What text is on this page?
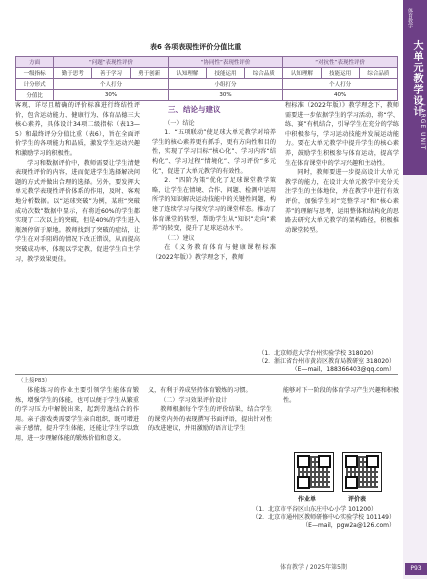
体育教学
大单元教学设计
LARGE UNIT
表6 各项表现性评价分值比重
方面	“问题”表现性评价			“协同性”表现性评价			“对抗性”表现性评价		
一级指标	勤于思考	善于学习	勇于创新	认知理解	技能运用	综合品质	认知理解	技能运用	综合品质
计分形式	个人打分			小组打分			个人打分		
分值比	30%			30%			40%		

客观、详尽且精确的评价标准进行终结性评价，包含运动能力、健康行为、体育品德三大核心素养，具体设计34项二级指标（表13—5）和最终评分分值比重（表6），旨在全面评价学生的各项能力和品质，激发学生运动兴趣和激励学习的积极性。

学习和数据评价中，教师需要让学生清楚表现性评价的内容，进而促进学生选择解决问题的方式并做出合理的选择。另外，要发挥大单元教学表现性评价体系的作用，及时、客观地分析数据。以“运球突破”为例，某班“突破成功次数”数据中显示，有将近60%的学生都实现了二次以上的突破，但是40%的学生进入瓶颈停留于原地。教师找到了突破的症结，让学生在对手阻碍的情况下改正错误，从而提高突破成功率，体现以学定教，促进学生自主学习，教学效果更佳。

三、结论与建议

（一）结论

1．“五项联动”使足球大单元教学对培养学生的核心素养更有抓手，更有方向性和目的性，实现了学习目标“核心化”、学习内容“结构化”、学习过程“情境化”、学习评价“多元化”，促进了大单元教学的有效性。

2．“四阶为策”优化了足球课堂教学策略，让学生在情境、合作、问题、检测中运用所学的知识解决运动技能中的关键性问题，构建了连续学习与探究学习的课堂样态。推动了体育课堂的转型，帮助学生从“知识”走向“素养”的转变，提升了足球运动水平。

（二）建议

在《义务教育体育与健康课程标准（2022年版）》教学理念下，教师

程标准（2022年版）》教学理念下，教师需要进一步依据学生的学习活动，将“学、练、赛”有机结合，引导学生在充分的学练中积极参与，学习运动技能并发展运动能力。要在大单元教学中提升学生的核心素养，鼓励学生积极参与体育运动，提高学生在体育课堂中的学习兴趣和主动性。

同时，教师要进一步提高设计大单元教学的能力，在设计大单元教学中充分关注学生的主体地位，并在教学中进行有效评价，加强学生对“完整学习”和“核心素养”的理解与思考，运用整体和结构化的思路去研究大单元教学的架构路径，积极推动课堂转型。

（1．北京师范大学台州实验学校 318020）
（2．浙江省台州市黄岩区教育局教研室 318020）
（E—mail，188366403@qq.com）
（上接P83）

体能练习的作业主要引领学生能体育锻炼，增强学生的体能，也可以便于学生从繁重的学习压力中解脱出来，起到劳逸结合的作用。亲子游戏类需要学生亲自组织，既可增进亲子感情，提升学生体能，还能让学生学以致用，进一步理解体能的锻炼价值和意义。

义，有利于养成坚持体育锻炼的习惯。

（二）学习效果评价设计

教师根据每个学生的评价结果，结合学生的课堂内外的表现撰写书面评语，提出针对性的改进建议，并用激励的语言让学生

能够对下一阶段的体育学习产生兴趣和积极性。

作业单	评价表
（1．北京市平谷区山东庄中心小学 101200）
（2．北京市通州区教师研修中心实验学校 101149）
（E—mail，pgw2a@126.com）
体育教学 / 2025年第5期	P93
